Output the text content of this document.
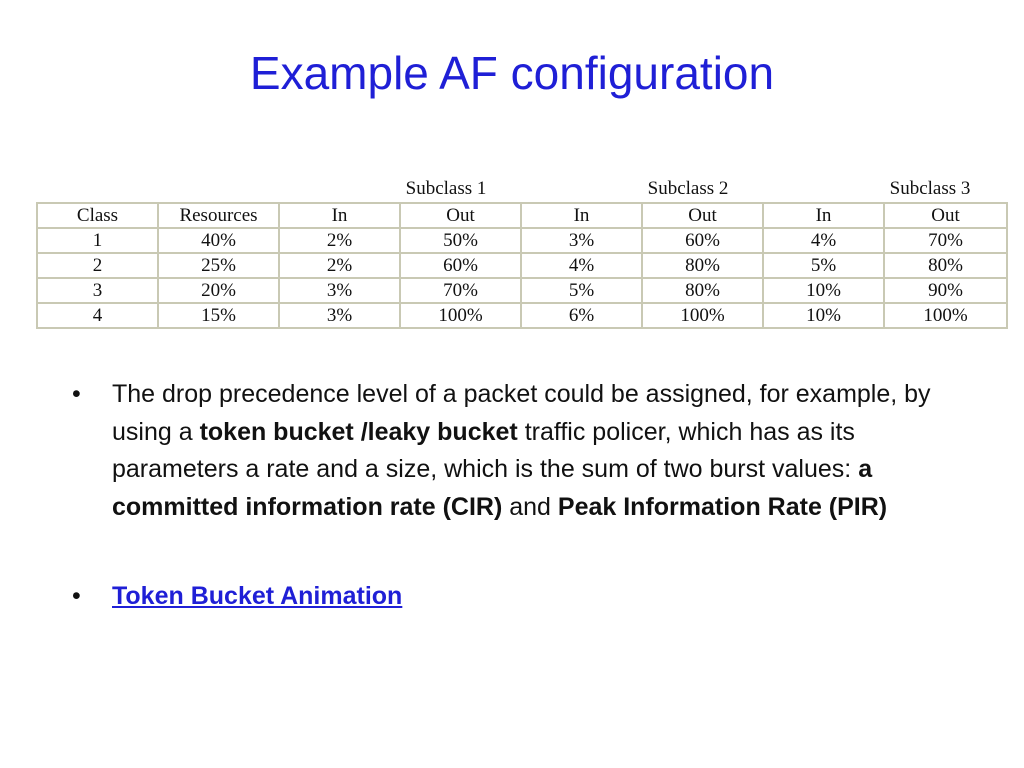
Example AF configuration
Subclass 1	Subclass 2	Subclass 3
Class	Resources	In	Out	In	Out	In	Out
1	40%	2%	50%	3%	60%	4%	70%
2	25%	2%	60%	4%	80%	5%	80%
3	20%	3%	70%	5%	80%	10%	90%
4	15%	3%	100%	6%	100%	10%	100%
•	The drop precedence level of a packet could be assigned, for example, by using a token bucket /leaky bucket traffic policer, which has as its parameters a rate and a size, which is the sum of two burst values: a committed information rate (CIR) and Peak Information Rate (PIR)
•	Token Bucket Animation
